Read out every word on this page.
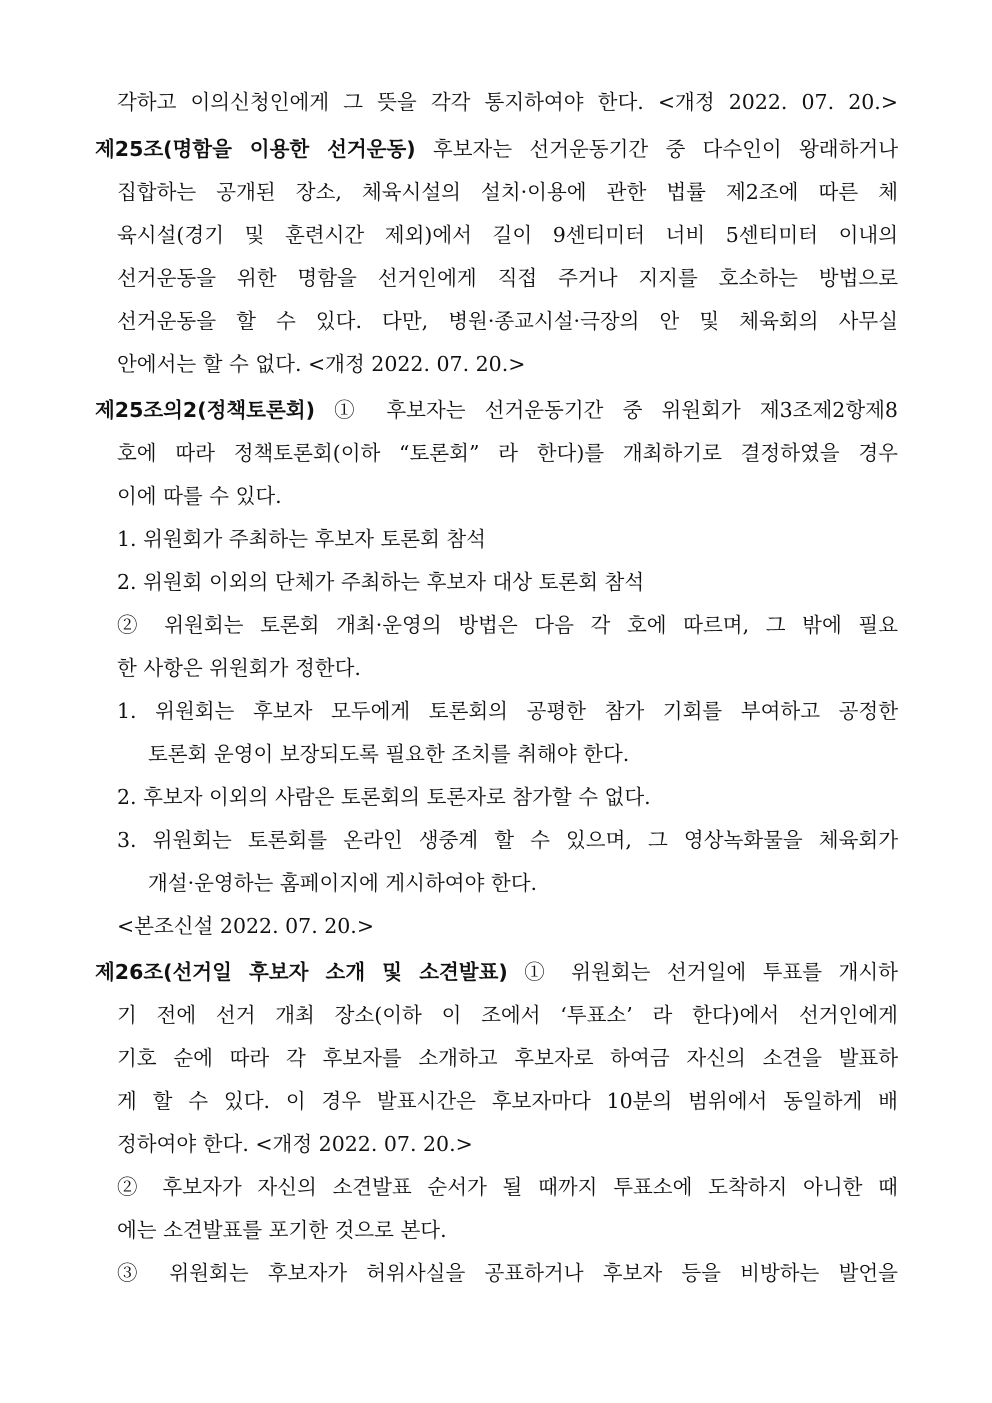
각하고 이의신청인에게 그 뜻을 각각 통지하여야 한다. <개정 2022. 07. 20.>
제25조(명함을 이용한 선거운동) 후보자는 선거운동기간 중 다수인이 왕래하거나
집합하는 공개된 장소, 체육시설의 설치·이용에 관한 법률 제2조에 따른 체
육시설(경기 및 훈련시간 제외)에서 길이 9센티미터 너비 5센티미터 이내의
선거운동을 위한 명함을 선거인에게 직접 주거나 지지를 호소하는 방법으로
선거운동을 할 수 있다. 다만, 병원·종교시설·극장의 안 및 체육회의 사무실
안에서는 할 수 없다. <개정 2022. 07. 20.>
제25조의2(정책토론회) ① 후보자는 선거운동기간 중 위원회가 제3조제2항제8
호에 따라 정책토론회(이하 “토론회” 라 한다)를 개최하기로 결정하였을 경우
이에 따를 수 있다.
1. 위원회가 주최하는 후보자 토론회 참석
2. 위원회 이외의 단체가 주최하는 후보자 대상 토론회 참석
② 위원회는 토론회 개최·운영의 방법은 다음 각 호에 따르며, 그 밖에 필요
한 사항은 위원회가 정한다.
1. 위원회는 후보자 모두에게 토론회의 공평한 참가 기회를 부여하고 공정한
토론회 운영이 보장되도록 필요한 조치를 취해야 한다.
2. 후보자 이외의 사람은 토론회의 토론자로 참가할 수 없다.
3. 위원회는 토론회를 온라인 생중계 할 수 있으며, 그 영상녹화물을 체육회가
개설·운영하는 홈페이지에 게시하여야 한다.
<본조신설 2022. 07. 20.>
제26조(선거일 후보자 소개 및 소견발표) ① 위원회는 선거일에 투표를 개시하
기 전에 선거 개최 장소(이하 이 조에서 ‘투표소’ 라 한다)에서 선거인에게
기호 순에 따라 각 후보자를 소개하고 후보자로 하여금 자신의 소견을 발표하
게 할 수 있다. 이 경우 발표시간은 후보자마다 10분의 범위에서 동일하게 배
정하여야 한다. <개정 2022. 07. 20.>
② 후보자가 자신의 소견발표 순서가 될 때까지 투표소에 도착하지 아니한 때
에는 소견발표를 포기한 것으로 본다.
③ 위원회는 후보자가 허위사실을 공표하거나 후보자 등을 비방하는 발언을
